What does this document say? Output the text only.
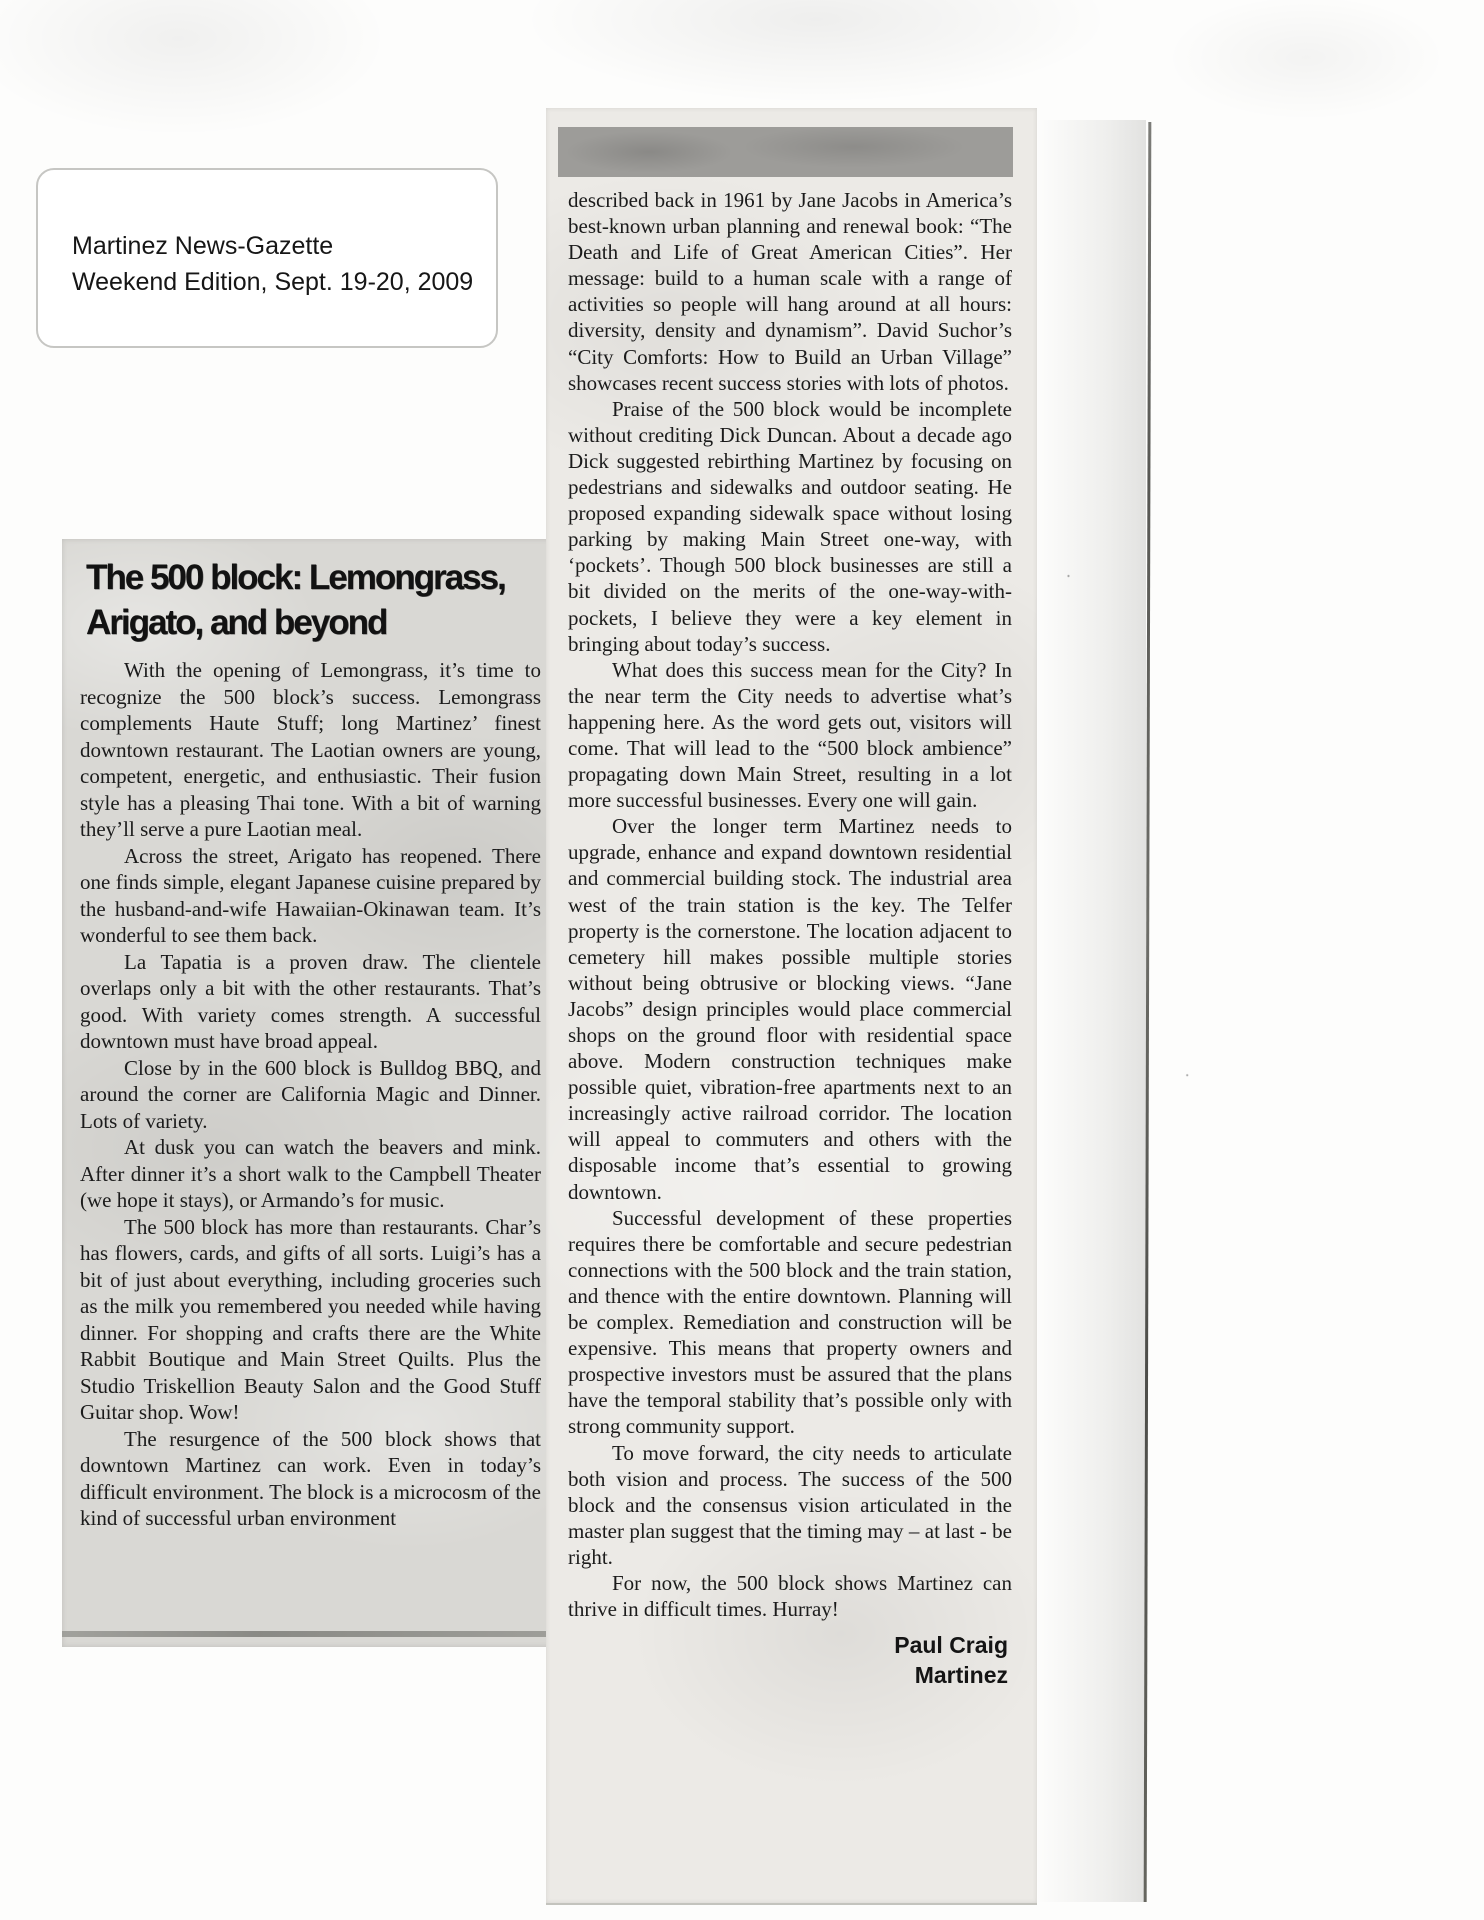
Martinez News-Gazette
Weekend Edition, Sept. 19-20, 2009
The 500 block: Lemongrass,
Arigato, and beyond

With the opening of Lemongrass, it’s time to recognize the 500 block’s success. Lemongrass complements Haute Stuff; long Martinez’ finest downtown restaurant. The Laotian owners are young, competent, energetic, and enthusiastic. Their fusion style has a pleasing Thai tone. With a bit of warning they’ll serve a pure Laotian meal.

Across the street, Arigato has reopened. There one finds simple, elegant Japanese cuisine prepared by the husband-and-wife Hawaiian-Okinawan team. It’s wonderful to see them back.

La Tapatia is a proven draw. The clientele overlaps only a bit with the other restaurants. That’s good. With variety comes strength. A successful downtown must have broad appeal.

Close by in the 600 block is Bulldog BBQ, and around the corner are California Magic and Dinner. Lots of variety.

At dusk you can watch the beavers and mink. After dinner it’s a short walk to the Campbell Theater (we hope it stays), or Armando’s for music.

The 500 block has more than restaurants. Char’s has flowers, cards, and gifts of all sorts. Luigi’s has a bit of just about everything, including groceries such as the milk you remembered you needed while having dinner. For shopping and crafts there are the White Rabbit Boutique and Main Street Quilts. Plus the Studio Triskellion Beauty Salon and the Good Stuff Guitar shop. Wow!

The resurgence of the 500 block shows that downtown Martinez can work. Even in today’s difficult environment. The block is a microcosm of the kind of successful urban environment

described back in 1961 by Jane Jacobs in America’s best-known urban planning and renewal book: “The Death and Life of Great American Cities”. Her message: build to a human scale with a range of activities so people will hang around at all hours: diversity, density and dynamism”. David Suchor’s “City Comforts: How to Build an Urban Village” showcases recent success stories with lots of photos.

Praise of the 500 block would be incomplete without crediting Dick Duncan. About a decade ago Dick suggested rebirthing Martinez by focusing on pedestrians and sidewalks and outdoor seating. He proposed expanding sidewalk space without losing parking by making Main Street one-way, with ‘pockets’. Though 500 block businesses are still a bit divided on the merits of the one-way-with-pockets, I believe they were a key element in bringing about today’s success.

What does this success mean for the City? In the near term the City needs to advertise what’s happening here. As the word gets out, visitors will come. That will lead to the “500 block ambience” propagating down Main Street, resulting in a lot more successful businesses. Every one will gain.

Over the longer term Martinez needs to upgrade, enhance and expand downtown residential and commercial building stock. The industrial area west of the train station is the key. The Telfer property is the cornerstone. The location adjacent to cemetery hill makes possible multiple stories without being obtrusive or blocking views. “Jane Jacobs” design principles would place commercial shops on the ground floor with residential space above. Modern construction techniques make possible quiet, vibration-free apartments next to an increasingly active railroad corridor. The location will appeal to commuters and others with the disposable income that’s essential to growing downtown.

Successful development of these properties requires there be comfortable and secure pedestrian connections with the 500 block and the train station, and thence with the entire downtown. Planning will be complex. Remediation and construction will be expensive. This means that property owners and prospective investors must be assured that the plans have the temporal stability that’s possible only with strong community support.

To move forward, the city needs to articulate both vision and process. The success of the 500 block and the consensus vision articulated in the master plan suggest that the timing may – at last - be right.

For now, the 500 block shows Martinez can thrive in difficult times. Hurray!

Paul Craig
Martinez
